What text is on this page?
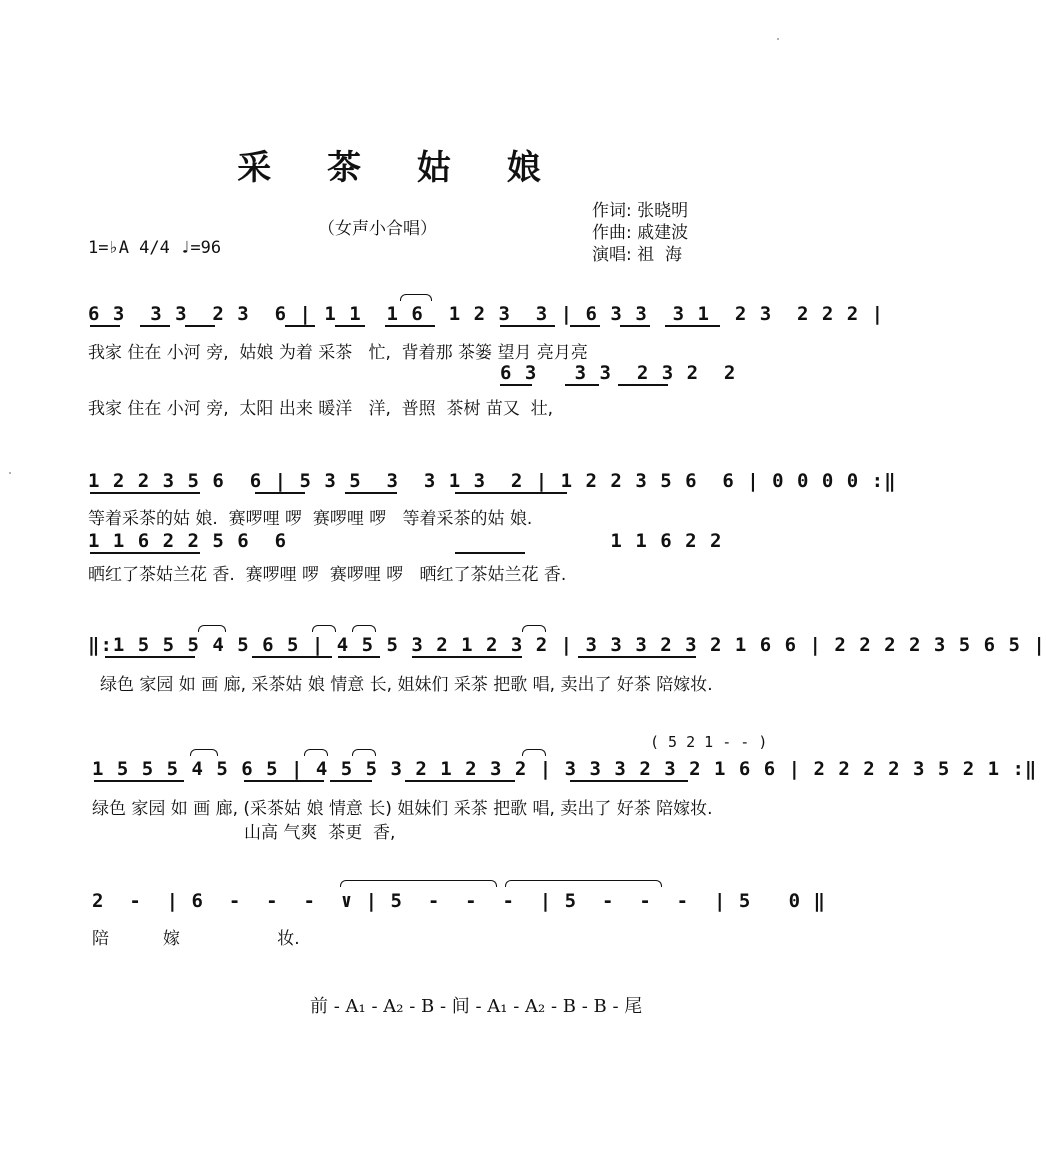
采 茶 姑 娘
作词: 张晓明
作曲: 戚建波
演唱: 祖  海
（女声小合唱）
1=♭A 4/4 ♩=96
6 3  3 3  2 3  6 | 1 1  1 6  1 2 3  3 | 6 3 3  3 1  2 3  2 2 2 |
我家 住在 小河 旁,  姑娘 为着 采茶   忙,  背着那 茶篓 望月 亮月亮
6 3   3 3  2 3 2  2
我家 住在 小河 旁,  太阳 出来 暖洋   洋,  普照  茶树 苗又  壮,
1 2 2 3 5 6  6 | 5 3 5  3  3 1 3  2 | 1 2 2 3 5 6  6 | 0 0 0 0 :‖
等着采茶的姑 娘.  赛啰哩 啰  赛啰哩 啰   等着采茶的姑 娘.
1 1 6 2 2 5 6  6                          1 1 6 2 2
晒红了茶姑兰花 香.  赛啰哩 啰  赛啰哩 啰   晒红了茶姑兰花 香.
‖:1 5 5 5 4 5 6 5 | 4 5 5 3 2 1 2 3 2 | 3 3 3 2 3 2 1 6 6 | 2 2 2 2 3 5 6 5 |
绿色 家园 如 画 廊, 采茶姑 娘 情意 长, 姐妹们 采茶 把歌 唱, 卖出了 好茶 陪嫁妆.
( 5 2 1 - - )
1 5 5 5 4 5 6 5 | 4 5 5 3 2 1 2 3 2 | 3 3 3 2 3 2 1 6 6 | 2 2 2 2 3 5 2 1 :‖
绿色 家园 如 画 廊, (采茶姑 娘 情意 长) 姐妹们 采茶 把歌 唱, 卖出了 好茶 陪嫁妆.
山高 气爽  茶更  香,
2  -  | 6  -  -  -  ∨ | 5  -  -  -  | 5  -  -  -  | 5   0 ‖
陪          嫁                  妆.
前 - A₁ - A₂ - B - 间 - A₁ - A₂ - B - B - 尾
